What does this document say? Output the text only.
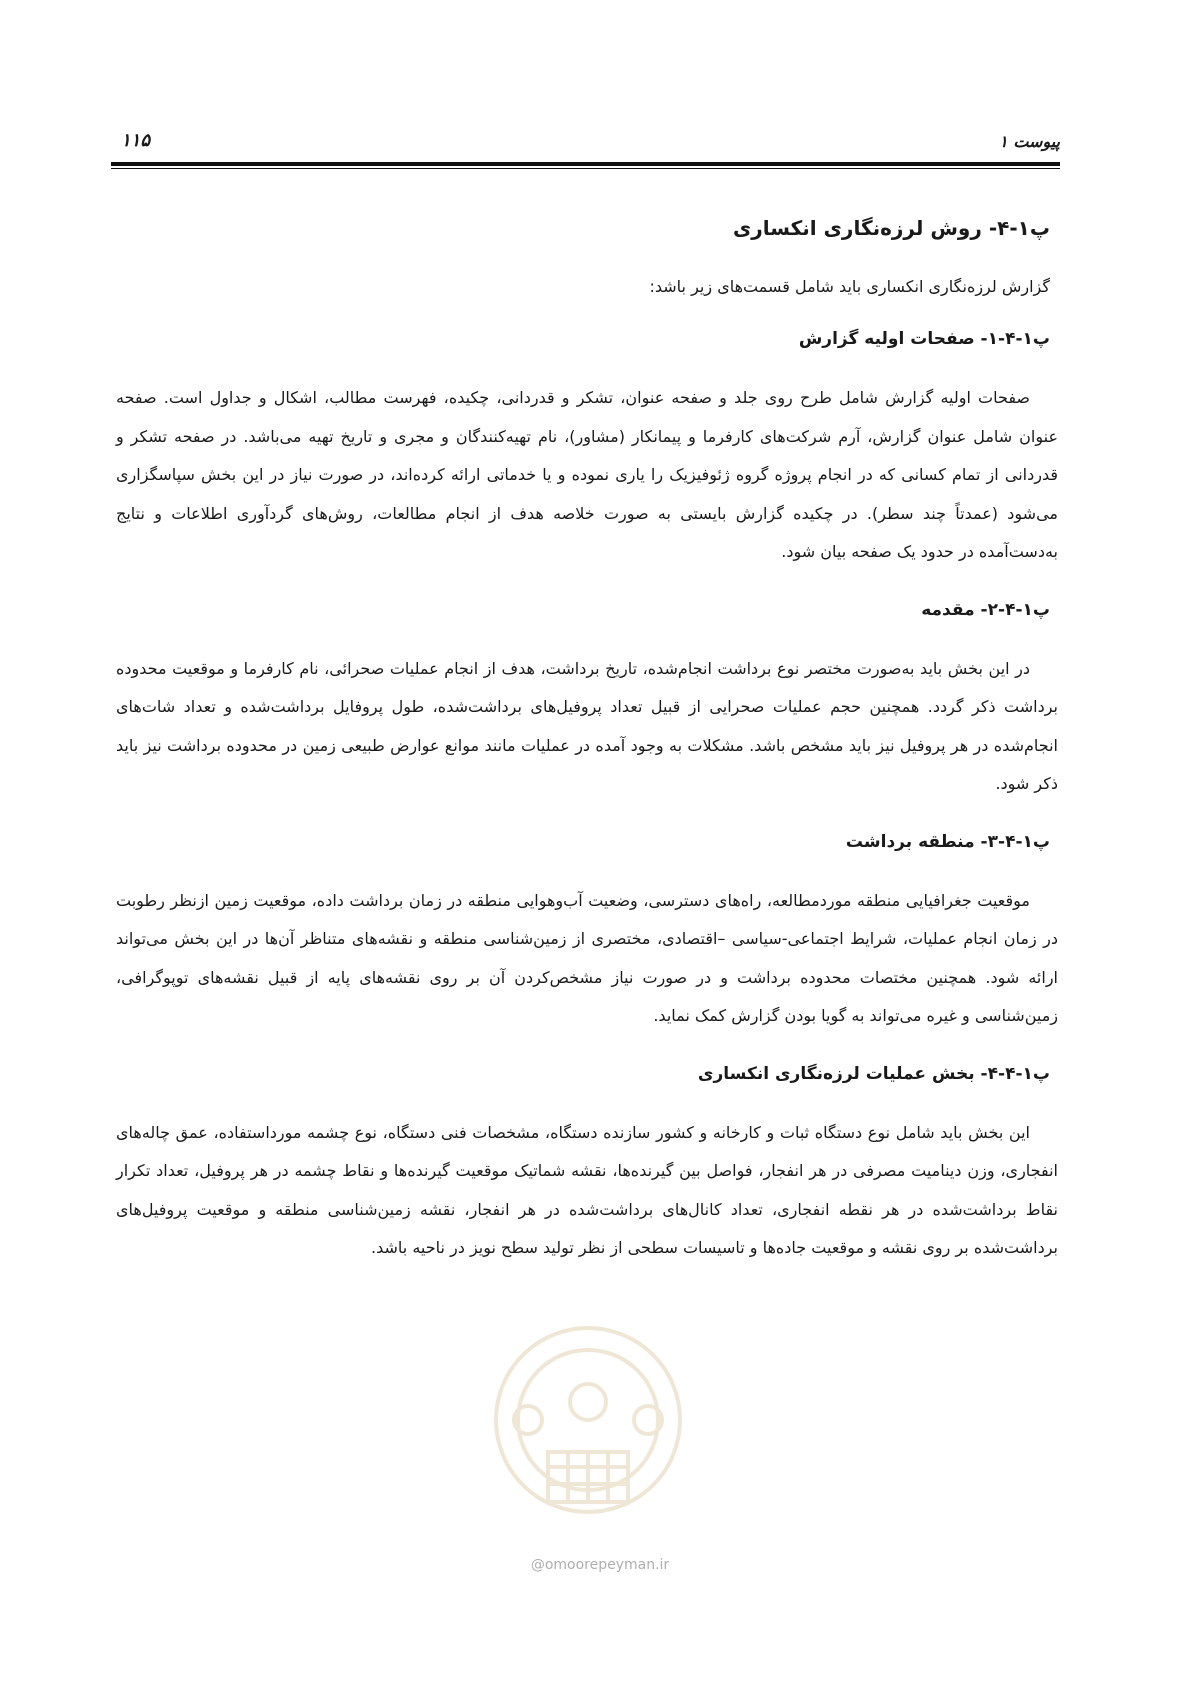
پیوست ۱
۱۱۵
پ۱-۴- روش لرزه‌نگاری انکساری

گزارش لرزه‌نگاری انکساری باید شامل قسمت‌های زیر باشد:

پ۱-۴-۱- صفحات اولیه گزارش

صفحات اولیه گزارش شامل طرح روی جلد و صفحه عنوان، تشکر و قدردانی، چکیده، فهرست مطالب، اشکال و جداول است. صفحه عنوان شامل عنوان گزارش، آرم شرکت‌های کارفرما و پیمانکار (مشاور)، نام تهیه‌کنندگان و مجری و تاریخ تهیه می‌باشد. در صفحه تشکر و قدردانی از تمام کسانی که در انجام پروژه گروه ژئوفیزیک را یاری نموده و یا خدماتی ارائه کرده‌اند، در صورت نیاز در این بخش سپاسگزاری می‌شود (عمدتاً چند سطر). در چکیده گزارش بایستی به صورت خلاصه هدف از انجام مطالعات، روش‌های گردآوری اطلاعات و نتایج به‌دست‌آمده در حدود یک صفحه بیان شود.

پ۱-۴-۲- مقدمه

در این بخش باید به‌صورت مختصر نوع برداشت انجام‌شده، تاریخ برداشت، هدف از انجام عملیات صحرائی، نام کارفرما و موقعیت محدوده برداشت ذکر گردد. همچنین حجم عملیات صحرایی از قبیل تعداد پروفیل‌های برداشت‌شده، طول پروفایل برداشت‌شده و تعداد شات‌های انجام‌شده در هر پروفیل نیز باید مشخص باشد. مشکلات به وجود آمده در عملیات مانند موانع عوارض طبیعی زمین در محدوده برداشت نیز باید ذکر شود.

پ۱-۴-۳- منطقه برداشت

موقعیت جغرافیایی منطقه موردمطالعه، راه‌های دسترسی، وضعیت آب‌وهوایی منطقه در زمان برداشت داده، موقعیت زمین ازنظر رطوبت در زمان انجام عملیات، شرایط اجتماعی-سیاسی –اقتصادی، مختصری از زمین‌شناسی منطقه و نقشه‌های متناظر آن‌ها در این بخش می‌تواند ارائه شود. همچنین مختصات محدوده برداشت و در صورت نیاز مشخص‌کردن آن بر روی نقشه‌های پایه از قبیل نقشه‌های توپوگرافی، زمین‌شناسی و غیره می‌تواند به گویا بودن گزارش کمک نماید.

پ۱-۴-۴- بخش عملیات لرزه‌نگاری انکساری

این بخش باید شامل نوع دستگاه ثبات و کارخانه و کشور سازنده دستگاه، مشخصات فنی دستگاه، نوع چشمه مورداستفاده، عمق چاله‌های انفجاری، وزن دینامیت مصرفی در هر انفجار، فواصل بین گیرنده‌ها، نقشه شماتیک موقعیت گیرنده‌ها و نقاط چشمه در هر پروفیل، تعداد تکرار نقاط برداشت‌شده در هر نقطه انفجاری، تعداد کانال‌های برداشت‌شده در هر انفجار، نقشه زمین‌شناسی منطقه و موقعیت پروفیل‌های برداشت‌شده بر روی نقشه و موقعیت جاده‌ها و تاسیسات سطحی از نظر تولید سطح نویز در ناحیه باشد.

@omoorepeyman.ir
